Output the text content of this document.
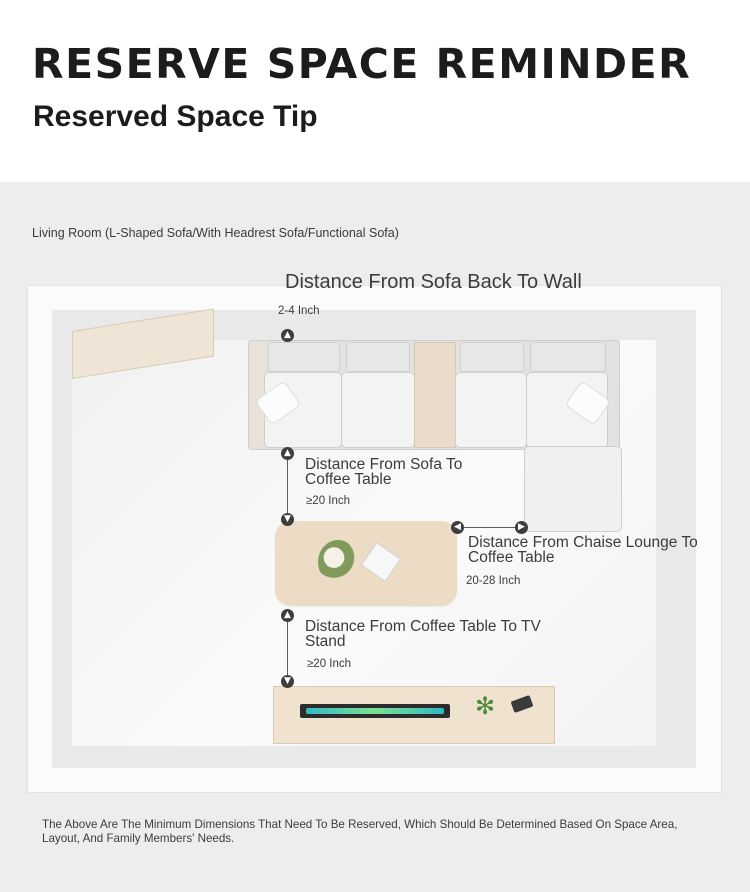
RESERVE SPACE REMINDER
Reserved Space Tip
Living Room (L-Shaped Sofa/With Headrest Sofa/Functional Sofa)
✻
Distance From Sofa Back To Wall
2-4 Inch
▲
▲
▼
Distance From Sofa To Coffee Table
≥20 Inch
◀	▶
Distance From Chaise Lounge To Coffee Table
20-28 Inch
▲
▼
Distance From Coffee Table To TV Stand
≥20 Inch
The Above Are The Minimum Dimensions That Need To Be Reserved, Which Should Be Determined Based On Space Area, Layout, And Family Members' Needs.
